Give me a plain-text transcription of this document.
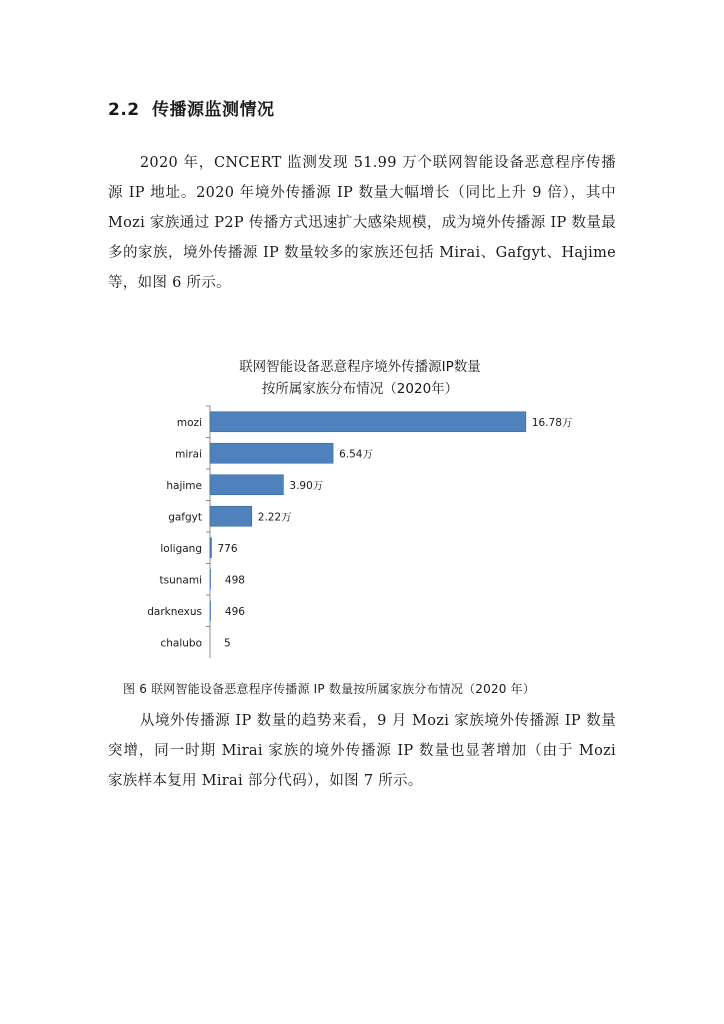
2.2 传播源监测情况

2020 年，CNCERT 监测发现 51.99 万个联网智能设备恶意程序传播源 IP 地址。2020 年境外传播源 IP 数量大幅增长（同比上升 9 倍），其中 Mozi 家族通过 P2P 传播方式迅速扩大感染规模，成为境外传播源 IP 数量最多的家族，境外传播源 IP 数量较多的家族还包括 Mirai、Gafgyt、Hajime 等，如图 6 所示。

联网智能设备恶意程序境外传播源IP数量
按所属家族分布情况（2020年）
mozi	16.78万
mirai	6.54万
hajime	3.90万
gafgyt	2.22万
loligang 776
tsunami 498
darknexus 496
chalubo 5
图 6 联网智能设备恶意程序传播源 IP 数量按所属家族分布情况（2020 年）

从境外传播源 IP 数量的趋势来看，9 月 Mozi 家族境外传播源 IP 数量突增，同一时期 Mirai 家族的境外传播源 IP 数量也显著增加（由于 Mozi 家族样本复用 Mirai 部分代码），如图 7 所示。
